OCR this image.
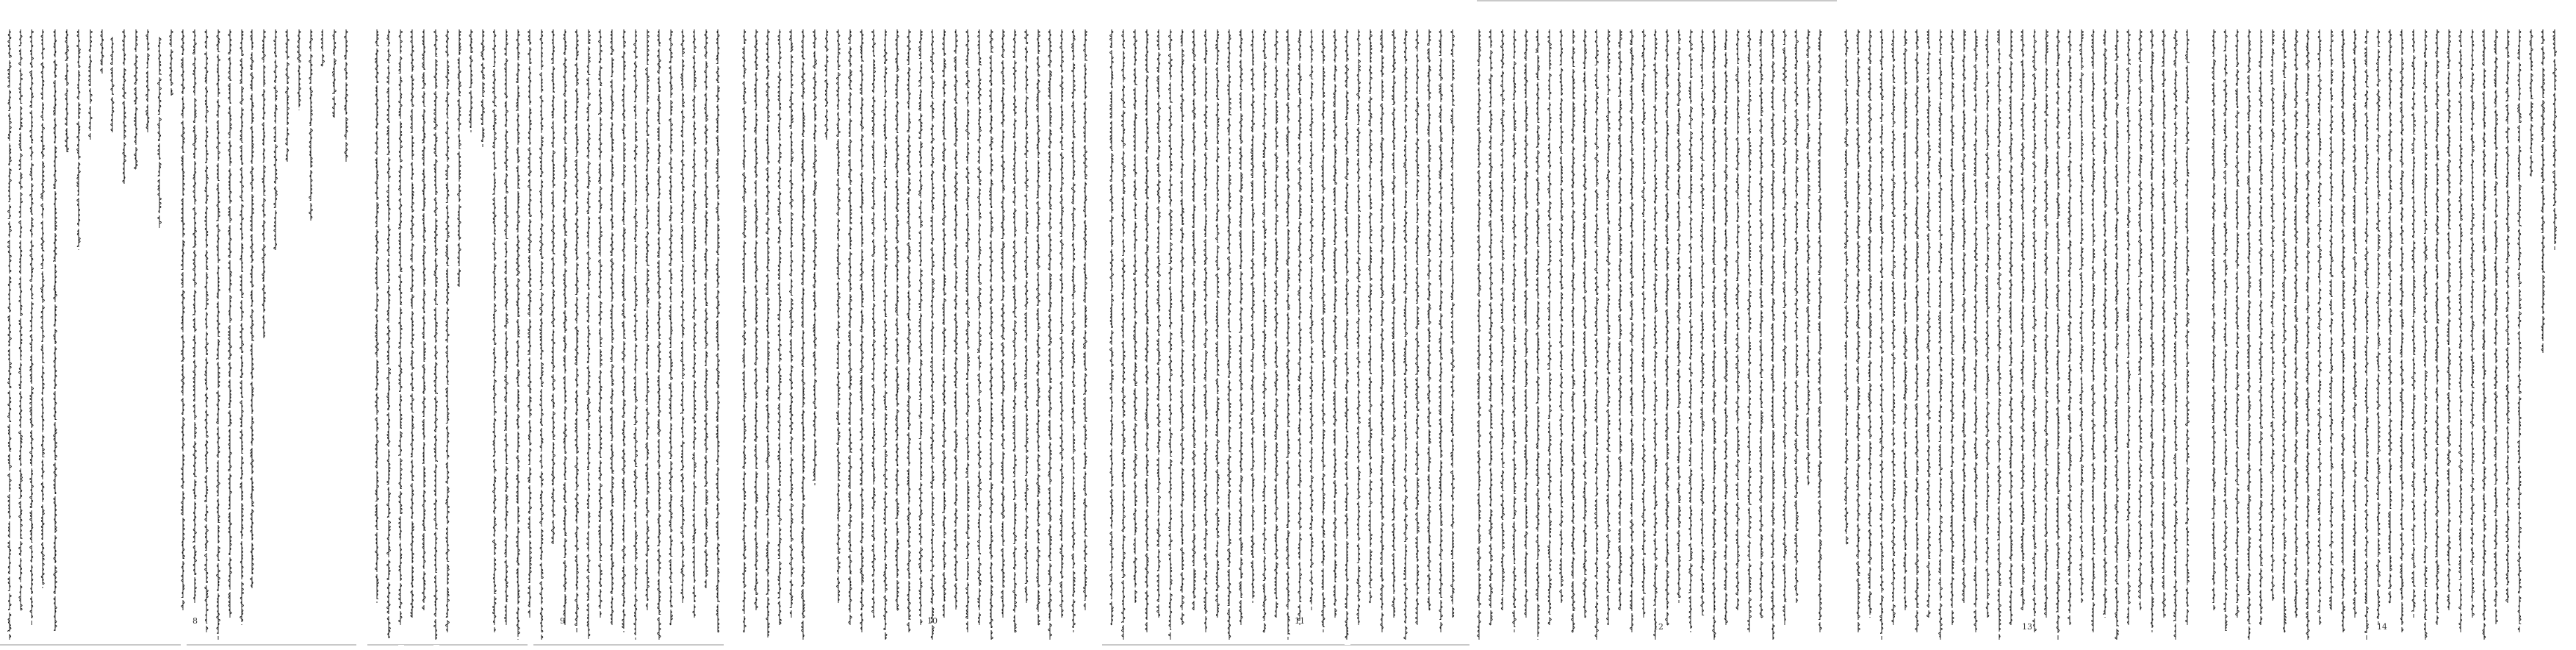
8	9	10	11
12	13	14
